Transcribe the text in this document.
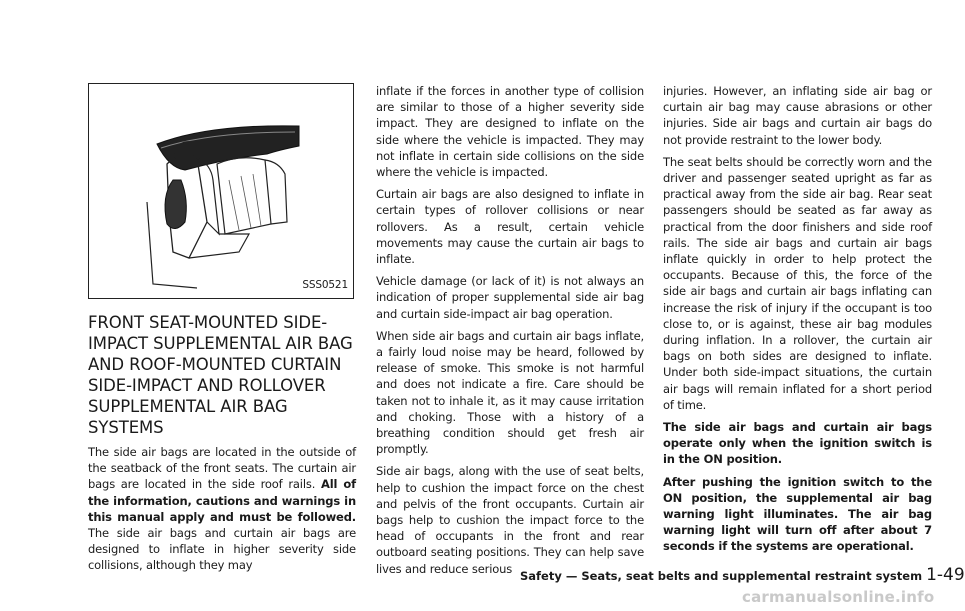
SSS0521
FRONT SEAT-MOUNTED SIDE-IMPACT SUPPLEMENTAL AIR BAG AND ROOF-MOUNTED CURTAIN SIDE-IMPACT AND ROLLOVER SUPPLEMENTAL AIR BAG SYSTEMS

The side air bags are located in the outside of the seatback of the front seats. The curtain air bags are located in the side roof rails. All of the information, cautions and warnings in this manual apply and must be followed. The side air bags and curtain air bags are designed to inflate in higher severity side collisions, although they may

inflate if the forces in another type of collision are similar to those of a higher severity side impact. They are designed to inflate on the side where the vehicle is impacted. They may not inflate in certain side collisions on the side where the vehicle is impacted.

Curtain air bags are also designed to inflate in certain types of rollover collisions or near rollovers. As a result, certain vehicle movements may cause the curtain air bags to inflate.

Vehicle damage (or lack of it) is not always an indication of proper supplemental side air bag and curtain side-impact air bag operation.

When side air bags and curtain air bags inflate, a fairly loud noise may be heard, followed by release of smoke. This smoke is not harmful and does not indicate a fire. Care should be taken not to inhale it, as it may cause irritation and choking. Those with a history of a breathing condition should get fresh air promptly.

Side air bags, along with the use of seat belts, help to cushion the impact force on the chest and pelvis of the front occupants. Curtain air bags help to cushion the impact force to the head of occupants in the front and rear outboard seating positions. They can help save lives and reduce serious

injuries. However, an inflating side air bag or curtain air bag may cause abrasions or other injuries. Side air bags and curtain air bags do not provide restraint to the lower body.

The seat belts should be correctly worn and the driver and passenger seated upright as far as practical away from the side air bag. Rear seat passengers should be seated as far away as practical from the door finishers and side roof rails. The side air bags and curtain air bags inflate quickly in order to help protect the occupants. Because of this, the force of the side air bags and curtain air bags inflating can increase the risk of injury if the occupant is too close to, or is against, these air bag modules during inflation. In a rollover, the curtain air bags on both sides are designed to inflate. Under both side-impact situations, the curtain air bags will remain inflated for a short period of time.

The side air bags and curtain air bags operate only when the ignition switch is in the ON position.

After pushing the ignition switch to the ON position, the supplemental air bag warning light illuminates. The air bag warning light will turn off after about 7 seconds if the systems are operational.

Safety — Seats, seat belts and supplemental restraint system 1-49
carmanualsonline.info
